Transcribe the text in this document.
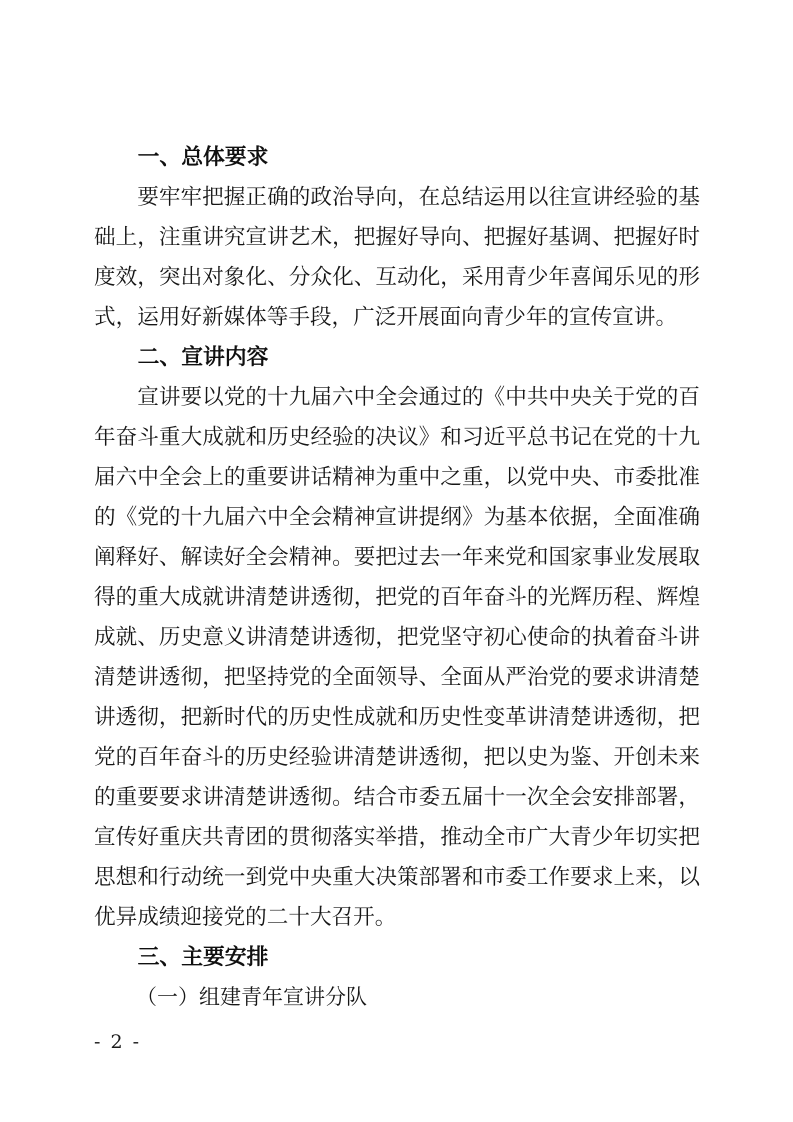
一、总体要求

要牢牢把握正确的政治导向，在总结运用以往宣讲经验的基础上，注重讲究宣讲艺术，把握好导向、把握好基调、把握好时度效，突出对象化、分众化、互动化，采用青少年喜闻乐见的形式，运用好新媒体等手段，广泛开展面向青少年的宣传宣讲。

二、宣讲内容

宣讲要以党的十九届六中全会通过的《中共中央关于党的百年奋斗重大成就和历史经验的决议》和习近平总书记在党的十九届六中全会上的重要讲话精神为重中之重，以党中央、市委批准的《党的十九届六中全会精神宣讲提纲》为基本依据，全面准确阐释好、解读好全会精神。要把过去一年来党和国家事业发展取得的重大成就讲清楚讲透彻，把党的百年奋斗的光辉历程、辉煌成就、历史意义讲清楚讲透彻，把党坚守初心使命的执着奋斗讲清楚讲透彻，把坚持党的全面领导、全面从严治党的要求讲清楚讲透彻，把新时代的历史性成就和历史性变革讲清楚讲透彻，把党的百年奋斗的历史经验讲清楚讲透彻，把以史为鉴、开创未来的重要要求讲清楚讲透彻。结合市委五届十一次全会安排部署，宣传好重庆共青团的贯彻落实举措，推动全市广大青少年切实把思想和行动统一到党中央重大决策部署和市委工作要求上来，以优异成绩迎接党的二十大召开。

三、主要安排

（一）组建青年宣讲分队

- 2 -
